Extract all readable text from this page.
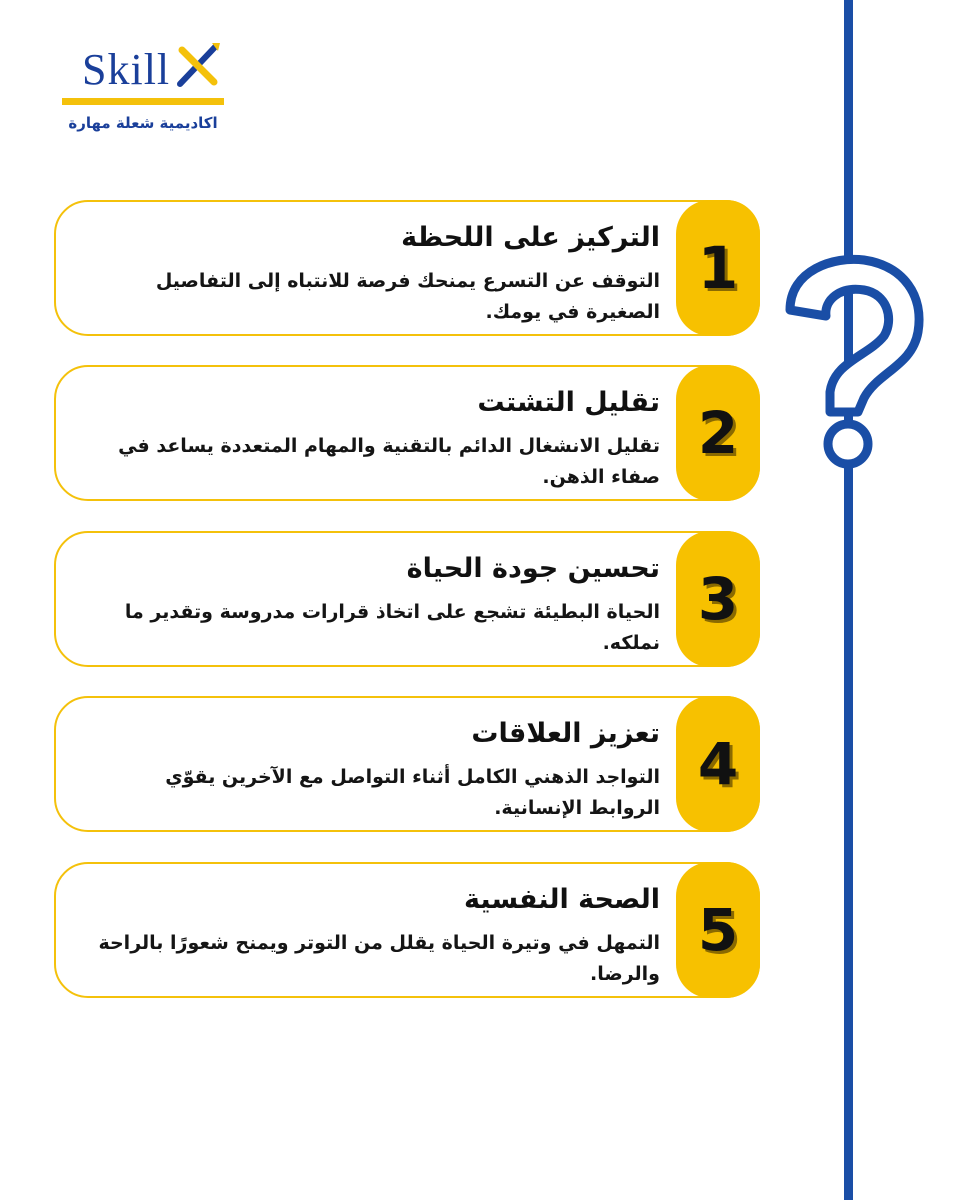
Skill
اكاديمية شعلة مهارة
1
التركيز على اللحظة
التوقف عن التسرع يمنحك فرصة للانتباه إلى التفاصيل الصغيرة في يومك.
2
تقليل التشتت
تقليل الانشغال الدائم بالتقنية والمهام المتعددة يساعد في صفاء الذهن.
3
تحسين جودة الحياة
الحياة البطيئة تشجع على اتخاذ قرارات مدروسة وتقدير ما نملكه.
4
تعزيز العلاقات
التواجد الذهني الكامل أثناء التواصل مع الآخرين يقوّي الروابط الإنسانية.
5
الصحة النفسية
التمهل في وتيرة الحياة يقلل من التوتر ويمنح شعورًا بالراحة والرضا.
